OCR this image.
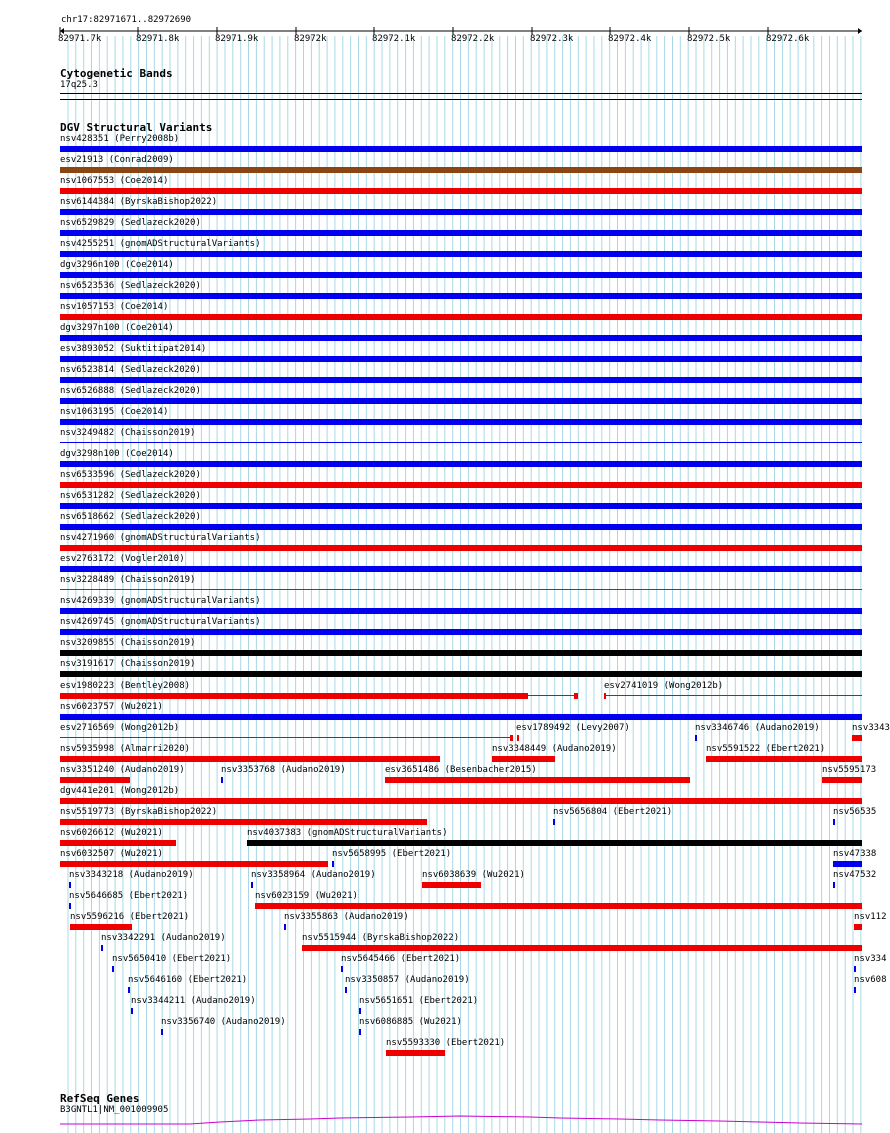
chr17:82971671..82972690
82971.7k	82971.8k	82971.9k	82972k	82972.1k	82972.2k	82972.3k	82972.4k	82972.5k	82972.6k
Cytogenetic Bands
17q25.3
DGV Structural Variants
nsv428351 (Perry2008b)
esv21913 (Conrad2009)
nsv1067553 (Coe2014)
nsv6144384 (ByrskaBishop2022)
nsv6529829 (Sedlazeck2020)
nsv4255251 (gnomADStructuralVariants)
dgv3296n100 (Coe2014)
nsv6523536 (Sedlazeck2020)
nsv1057153 (Coe2014)
dgv3297n100 (Coe2014)
esv3893052 (Suktitipat2014)
nsv6523814 (Sedlazeck2020)
nsv6526888 (Sedlazeck2020)
nsv1063195 (Coe2014)
nsv3249482 (Chaisson2019)
dgv3298n100 (Coe2014)
nsv6533596 (Sedlazeck2020)
nsv6531282 (Sedlazeck2020)
nsv6518662 (Sedlazeck2020)
nsv4271960 (gnomADStructuralVariants)
esv2763172 (Vogler2010)
nsv3228489 (Chaisson2019)
nsv4269339 (gnomADStructuralVariants)
nsv4269745 (gnomADStructuralVariants)
nsv3209855 (Chaisson2019)
nsv3191617 (Chaisson2019)
esv1980223 (Bentley2008)	esv2741019 (Wong2012b)
nsv6023757 (Wu2021)
esv2716569 (Wong2012b)	esv1789492 (Levy2007)	nsv3346746 (Audano2019)	nsv3343
nsv5935998 (Almarri2020)	nsv3348449 (Audano2019)	nsv5591522 (Ebert2021)
nsv3351240 (Audano2019)	nsv3353768 (Audano2019)	esv3651486 (Besenbacher2015)	nsv5595173
dgv441e201 (Wong2012b)
nsv5519773 (ByrskaBishop2022)	nsv5656804 (Ebert2021)	nsv56535
nsv6026612 (Wu2021)	nsv4037383 (gnomADStructuralVariants)
nsv6032507 (Wu2021)	nsv5658995 (Ebert2021)	nsv47338
nsv3343218 (Audano2019)	nsv3358964 (Audano2019)	nsv6038639 (Wu2021)	nsv47532
nsv5646685 (Ebert2021)	nsv6023159 (Wu2021)
nsv5596216 (Ebert2021)	nsv3355863 (Audano2019)	nsv112
nsv3342291 (Audano2019)	nsv5515944 (ByrskaBishop2022)
nsv5650410 (Ebert2021)	nsv5645466 (Ebert2021)	nsv334
nsv5646160 (Ebert2021)	nsv3350857 (Audano2019)	nsv608
nsv3344211 (Audano2019)	nsv5651651 (Ebert2021)
nsv3356740 (Audano2019)	nsv6086885 (Wu2021)
nsv5593330 (Ebert2021)
RefSeq Genes
B3GNTL1|NM_001009905
